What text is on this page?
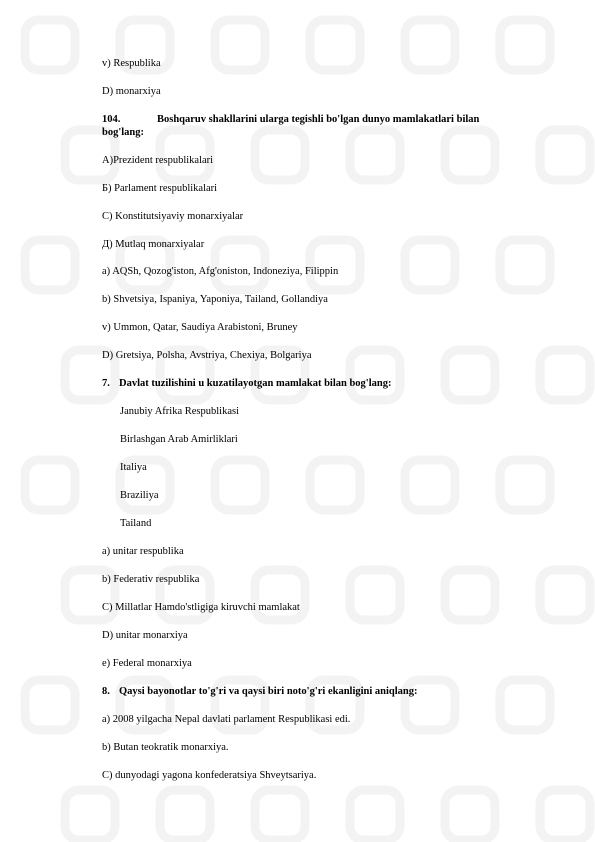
v) Respublika
D) monarxiya
104.	Boshqaruv shakllarini ularga tegishli bo'lgan dunyo mamlakatlari bilan
bog'lang:
A)Prezident respublikalari
Б) Parlament respublikalari
C) Konstitutsiyaviy monarxiyalar
Д) Mutlaq monarxiyalar
a) AQSh, Qozog'iston, Afg'oniston, Indoneziya, Filippin
b) Shvetsiya, Ispaniya, Yaponiya, Tailand, Gollandiya
v) Ummon, Qatar, Saudiya Arabistoni, Bruney
D) Gretsiya, Polsha, Avstriya, Chexiya, Bolgariya
7. Davlat tuzilishini u kuzatilayotgan mamlakat bilan bog'lang:
Janubiy Afrika Respublikasi
Birlashgan Arab Amirliklari
Italiya
Braziliya
Tailand
a) unitar respublika
b) Federativ respublika
C) Millatlar Hamdo'stligiga kiruvchi mamlakat
D) unitar monarxiya
e) Federal monarxiya
8. Qaysi bayonotlar to'g'ri va qaysi biri noto'g'ri ekanligini aniqlang:
a) 2008 yilgacha Nepal davlati parlament Respublikasi edi.
b) Butan teokratik monarxiya.
C) dunyodagi yagona konfederatsiya Shveytsariya.
